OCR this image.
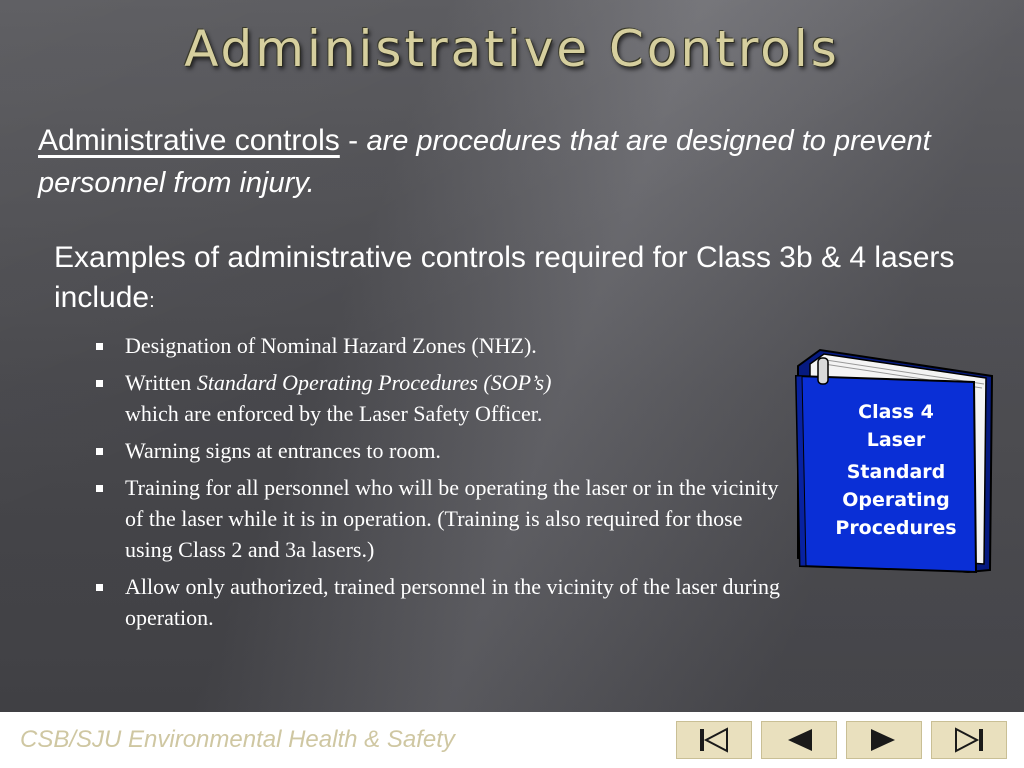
Administrative Controls
Administrative controls - are procedures that are designed to prevent personnel from injury.
Examples of administrative controls required for Class 3b & 4 lasers include:
Designation of Nominal Hazard Zones (NHZ).
Written Standard Operating Procedures (SOP’s)
which are enforced by the Laser Safety Officer.
Warning signs at entrances to room.
Training for all personnel who will be operating the laser or in the vicinity of the laser while it is in operation. (Training is also required for those using Class 2 and 3a lasers.)
Allow only authorized, trained personnel in the vicinity of the laser during operation.
Class 4
Laser
Standard
Operating
Procedures
CSB/SJU Environmental Health & Safety
